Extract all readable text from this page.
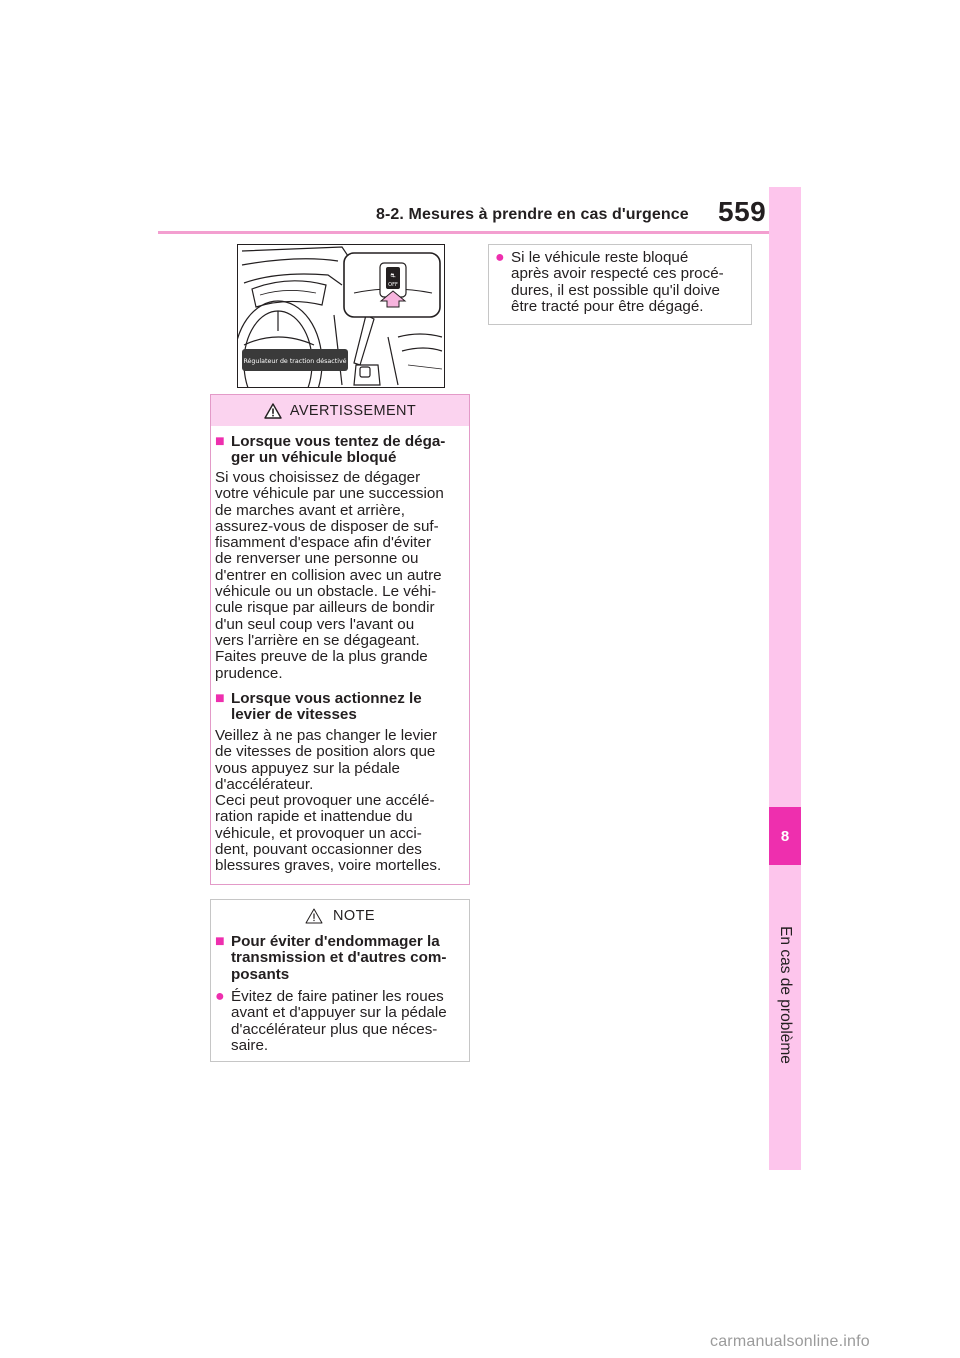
8-2. Mesures à prendre en cas d'urgence 559
8
En cas de problème
⛐
OFF
Régulateur de traction désactivé
AVERTISSEMENT
■ Lorsque vous tentez de déga-
ger un véhicule bloqué
Si vous choisissez de dégager
votre véhicule par une succession
de marches avant et arrière,
assurez-vous de disposer de suf-
fisamment d'espace afin d'éviter
de renverser une personne ou
d'entrer en collision avec un autre
véhicule ou un obstacle. Le véhi-
cule risque par ailleurs de bondir
d'un seul coup vers l'avant ou
vers l'arrière en se dégageant.
Faites preuve de la plus grande
prudence.
■ Lorsque vous actionnez le
levier de vitesses
Veillez à ne pas changer le levier
de vitesses de position alors que
vous appuyez sur la pédale
d'accélérateur.
Ceci peut provoquer une accélé-
ration rapide et inattendue du
véhicule, et provoquer un acci-
dent, pouvant occasionner des
blessures graves, voire mortelles.
NOTE
■ Pour éviter d'endommager la
transmission et d'autres com-
posants
● Évitez de faire patiner les roues
avant et d'appuyer sur la pédale
d'accélérateur plus que néces-
saire.
● Si le véhicule reste bloqué
après avoir respecté ces procé-
dures, il est possible qu'il doive
être tracté pour être dégagé.
carmanualsonline.info
